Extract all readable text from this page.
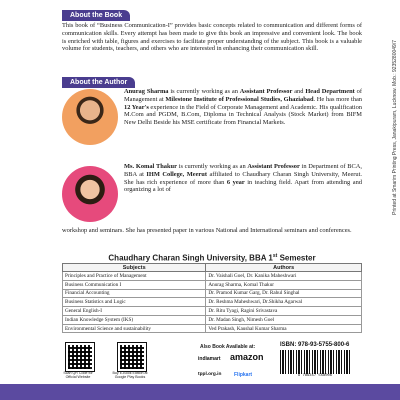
Printed at Smarim Printing Press, Janakipuram, Lucknow. Mob.: 9235280049/7
About the Book
This book of “Business Communication-I” provides basic concepts related to communication and different forms of communication skills. Every attempt has been made to give this book an impressive and convenient look. The book is enriched with table, figures and exercises to facilitate proper understanding of the subject. This book is a valuable volume for students, teachers, and others who are interested in enhancing their communication skill.
About the Author
Anurag Sharma is currently working as an Assistant Professor and Head Department of Management at Milestone Institute of Professional Studies, Ghaziabad. He has more than 12 Year's experience in the Field of Corporate Management and Academic. His qualification M.Com and PGDM, B.Com, Diploma in Technical Analysis (Stock Market) from BIFM New Delhi Beside his MSE certificate from Financial Markets.
Ms. Komal Thakur is currently working as an Assistant Professor in Department of BCA, BBA at IHM College, Meerut affiliated to Chaudhary Charan Singh University, Meerut. She has rich experience of more than 6 year in teaching field. Apart from attending and organizing a lot of
workshop and seminars. She has presented paper in various National and International seminars and conferences.
Chaudhary Charan Singh University, BBA 1st Semester
Subjects	Authors
Principles and Practice of Management	Dr. Vaishali Goel, Dr. Kanika Maheshwari
Business Communication I	Anurag Sharma, Komal Thakur
Financial Accounting	Dr. Pramod Kumar Garg, Dr. Rahul Singhal
Business Statistics and Logic	Dr. Reshma Maheshwari, Dr.Shikha Agarwal
General English-I	Dr. Ritu Tyagi, Ragini Srivastava
Indian Knowledge System (IKS)	Dr. Madan Singh, Nimesh Goel
Environmental Science and sustainability	Ved Prakash, Kaushal Kumar Sharma
Scan QR Code for Official Website
Buy E-Book Edition at Google Play Books
Also Book Available at:
indiamart amazon
tppl.org.in	Flipkart
ISBN: 978-93-5755-800-6
9 789357 558006
